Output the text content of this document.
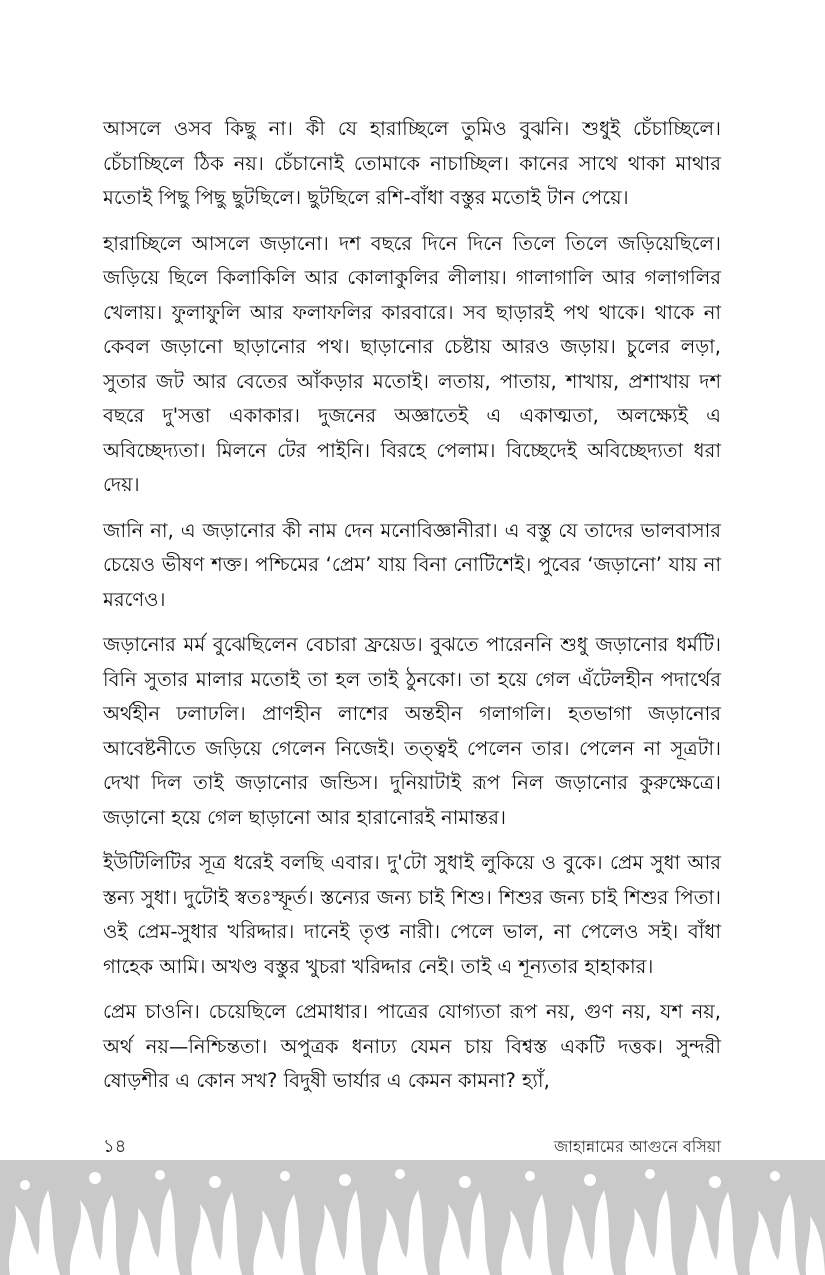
আসলে ওসব কিছু না। কী যে হারাচ্ছিলে তুমিও বুঝনি। শুধুই চেঁচাচ্ছিলে। চেঁচাচ্ছিলে ঠিক নয়। চেঁচানোই তোমাকে নাচাচ্ছিল। কানের সাথে থাকা মাথার মতোই পিছু পিছু ছুটছিলে। ছুটছিলে রশি-বাঁধা বস্তুর মতোই টান পেয়ে।

হারাচ্ছিলে আসলে জড়ানো। দশ বছরে দিনে দিনে তিলে তিলে জড়িয়েছিলে। জড়িয়ে ছিলে কিলাকিলি আর কোলাকুলির লীলায়। গালাগালি আর গলাগলির খেলায়। ফুলাফুলি আর ফলাফলির কারবারে। সব ছাড়ারই পথ থাকে। থাকে না কেবল জড়ানো ছাড়ানোর পথ। ছাড়ানোর চেষ্টায় আরও জড়ায়। চুলের লড়া, সুতার জট আর বেতের আঁকড়ার মতোই। লতায়, পাতায়, শাখায়, প্রশাখায় দশ বছরে দু'সত্তা একাকার। দুজনের অজ্ঞাতেই এ একাত্মতা, অলক্ষ্যেই এ অবিচ্ছেদ্যতা। মিলনে টের পাইনি। বিরহে পেলাম। বিচ্ছেদেই অবিচ্ছেদ্যতা ধরা দেয়।

জানি না, এ জড়ানোর কী নাম দেন মনোবিজ্ঞানীরা। এ বস্তু যে তাদের ভালবাসার চেয়েও ভীষণ শক্ত। পশ্চিমের ‘প্রেম’ যায় বিনা নোটিশেই। পুবের ‘জড়ানো’ যায় না মরণেও।

জড়ানোর মর্ম বুঝেছিলেন বেচারা ফ্রয়েড। বুঝতে পারেননি শুধু জড়ানোর ধর্মটি। বিনি সুতার মালার মতোই তা হল তাই ঠুনকো। তা হয়ে গেল এঁটেলহীন পদার্থের অর্থহীন ঢলাঢলি। প্রাণহীন লাশের অন্তহীন গলাগলি। হতভাগা জড়ানোর আবেষ্টনীতে জড়িয়ে গেলেন নিজেই। তত্ত্বই পেলেন তার। পেলেন না সূত্রটা। দেখা দিল তাই জড়ানোর জন্ডিস। দুনিয়াটাই রূপ নিল জড়ানোর কুরুক্ষেত্রে। জড়ানো হয়ে গেল ছাড়ানো আর হারানোরই নামান্তর।

ইউটিলিটির সূত্র ধরেই বলছি এবার। দু'টো সুধাই লুকিয়ে ও বুকে। প্রেম সুধা আর স্তন্য সুধা। দুটোই স্বতঃস্ফূর্ত। স্তন্যের জন্য চাই শিশু। শিশুর জন্য চাই শিশুর পিতা। ওই প্রেম-সুধার খরিদ্দার। দানেই তৃপ্ত নারী। পেলে ভাল, না পেলেও সই। বাঁধা গাহেক আমি। অখণ্ড বস্তুর খুচরা খরিদ্দার নেই। তাই এ শূন্যতার হাহাকার।

প্রেম চাওনি। চেয়েছিলে প্রেমাধার। পাত্রের যোগ্যতা রূপ নয়, গুণ নয়, যশ নয়, অর্থ নয়—নিশ্চিন্ততা। অপুত্রক ধনাঢ্য যেমন চায় বিশ্বস্ত একটি দত্তক। সুন্দরী ষোড়শীর এ কোন সখ? বিদুষী ভার্যার এ কেমন কামনা? হ্যাঁ,

১৪	জাহান্নামের আগুনে বসিয়া
